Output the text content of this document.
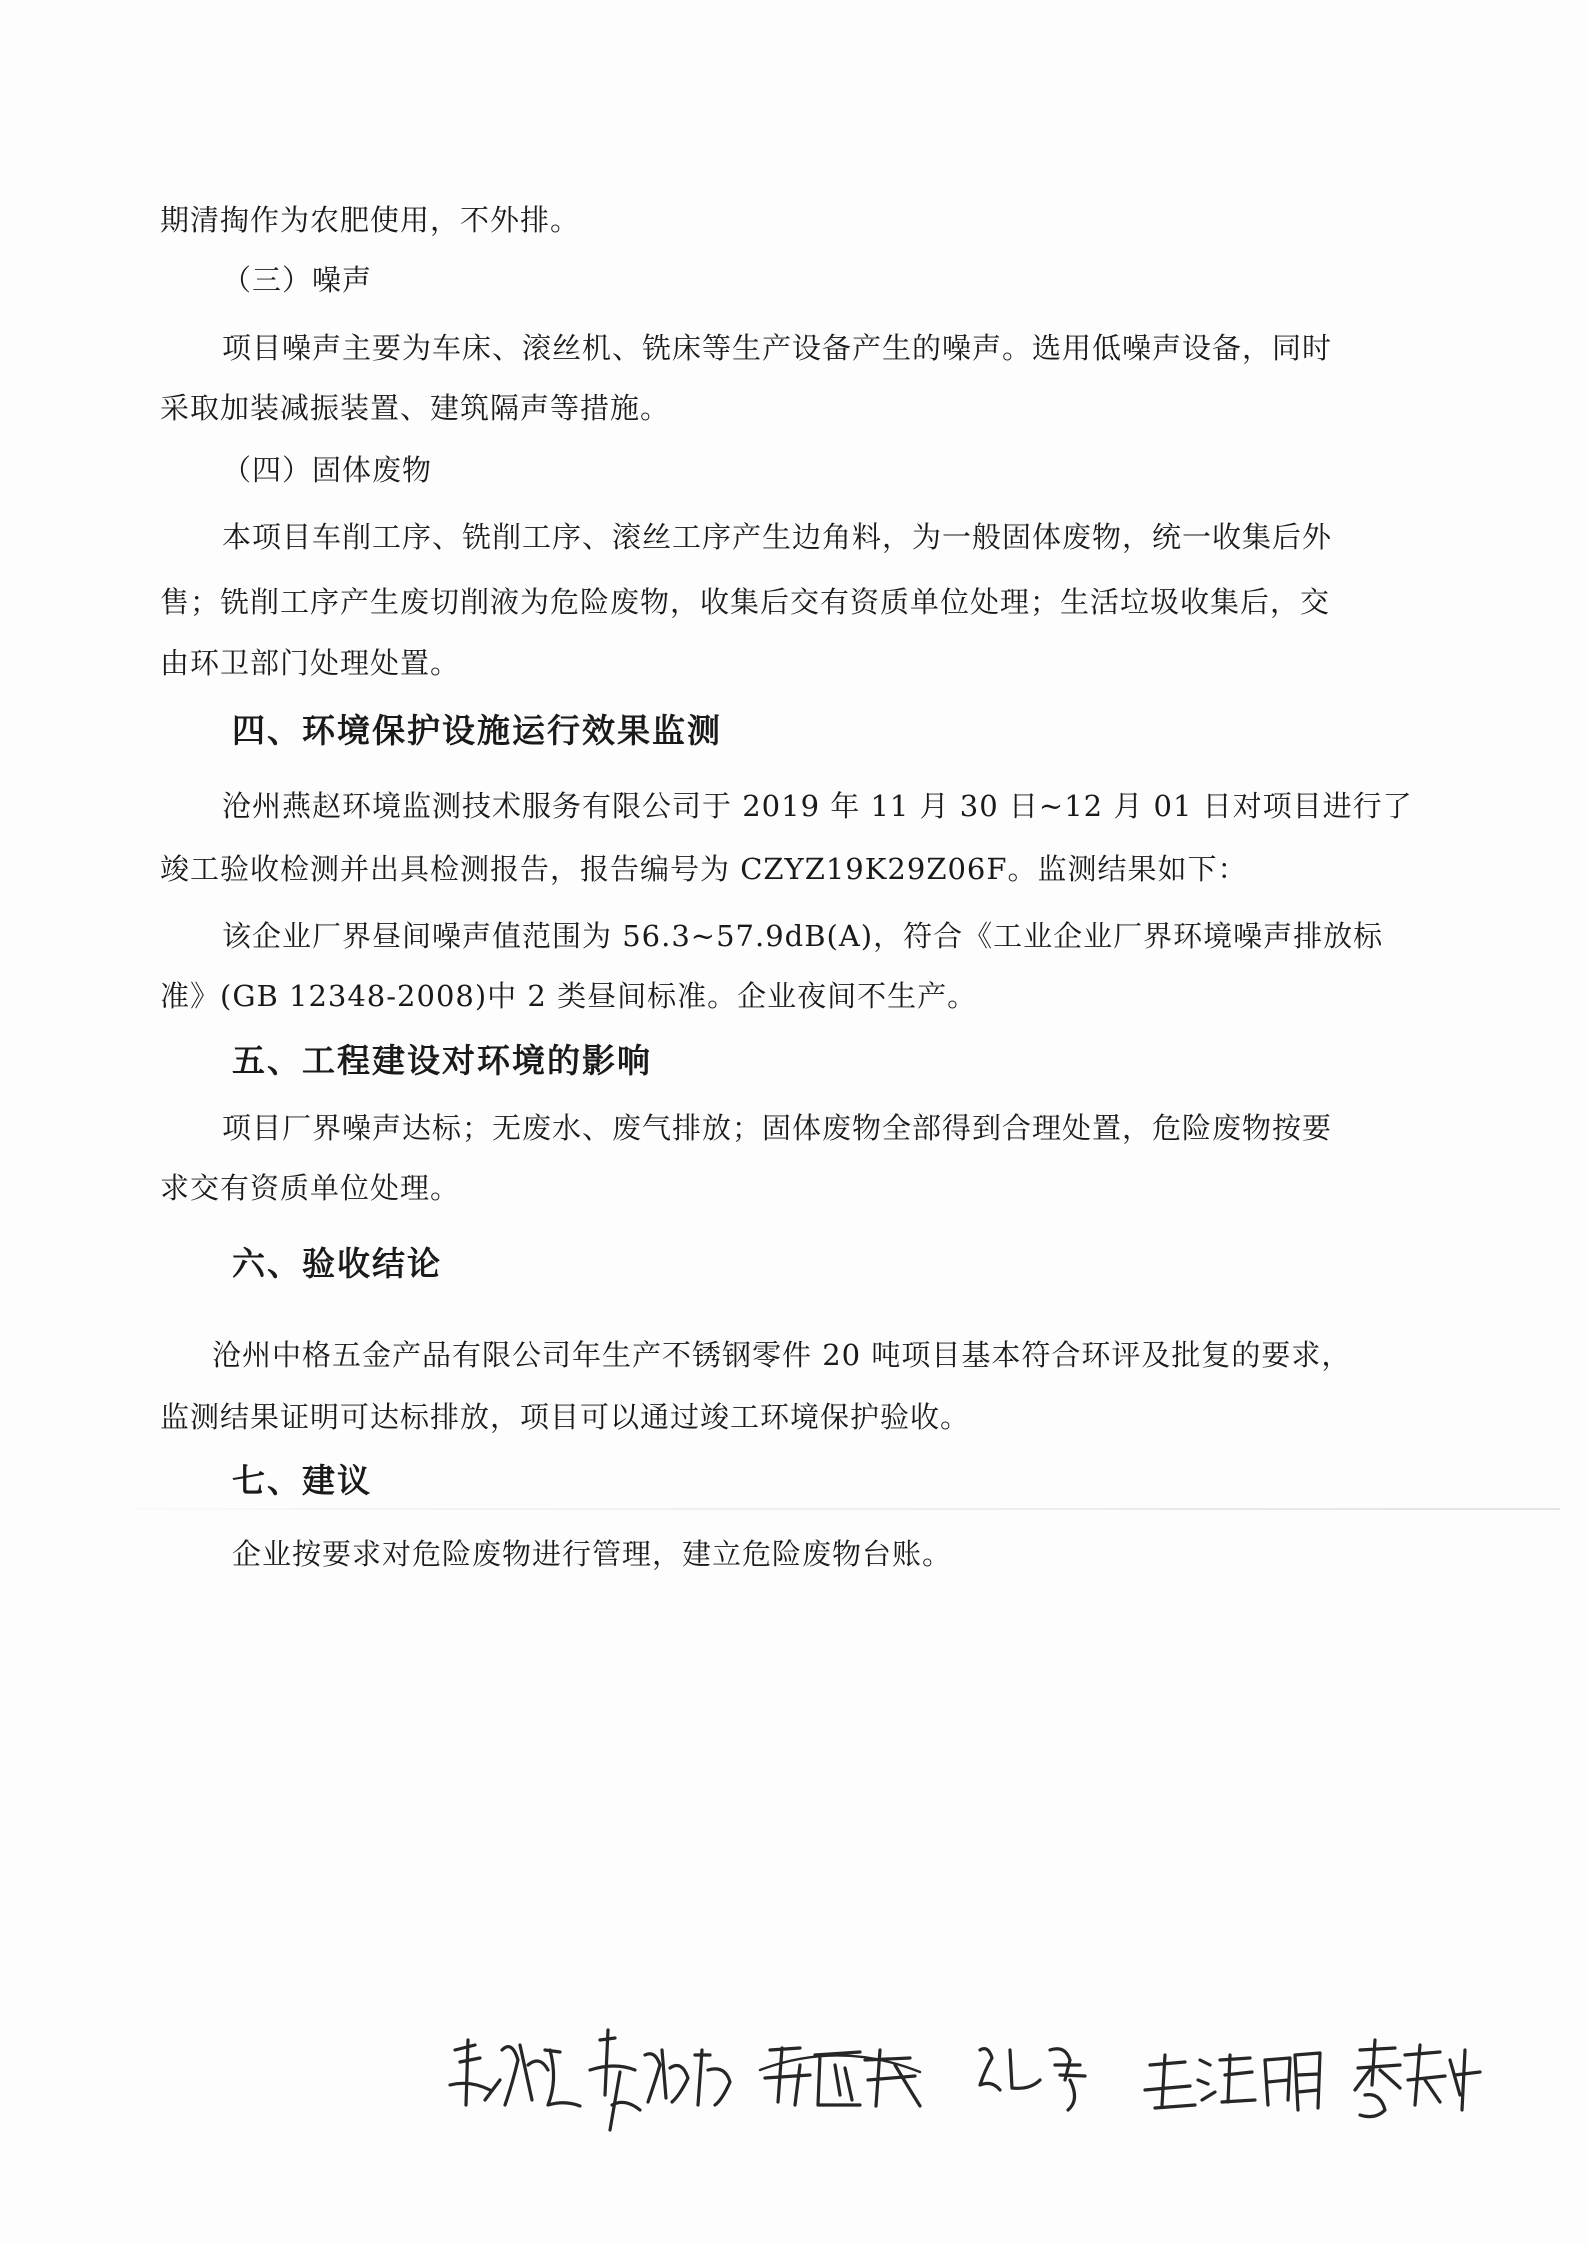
期清掏作为农肥使用，不外排。
（三）噪声
项目噪声主要为车床、滚丝机、铣床等生产设备产生的噪声。选用低噪声设备，同时
采取加装减振装置、建筑隔声等措施。
（四）固体废物
本项目车削工序、铣削工序、滚丝工序产生边角料，为一般固体废物，统一收集后外
售；铣削工序产生废切削液为危险废物，收集后交有资质单位处理；生活垃圾收集后，交
由环卫部门处理处置。
四、环境保护设施运行效果监测
沧州燕赵环境监测技术服务有限公司于 2019 年 11 月 30 日~12 月 01 日对项目进行了
竣工验收检测并出具检测报告，报告编号为 CZYZ19K29Z06F。监测结果如下：
该企业厂界昼间噪声值范围为 56.3~57.9dB(A)，符合《工业企业厂界环境噪声排放标
准》(GB 12348-2008)中 2 类昼间标准。企业夜间不生产。
五、工程建设对环境的影响
项目厂界噪声达标；无废水、废气排放；固体废物全部得到合理处置，危险废物按要
求交有资质单位处理。
六、验收结论
沧州中格五金产品有限公司年生产不锈钢零件 20 吨项目基本符合环评及批复的要求，
监测结果证明可达标排放，项目可以通过竣工环境保护验收。
七、建议
企业按要求对危险废物进行管理，建立危险废物台账。
